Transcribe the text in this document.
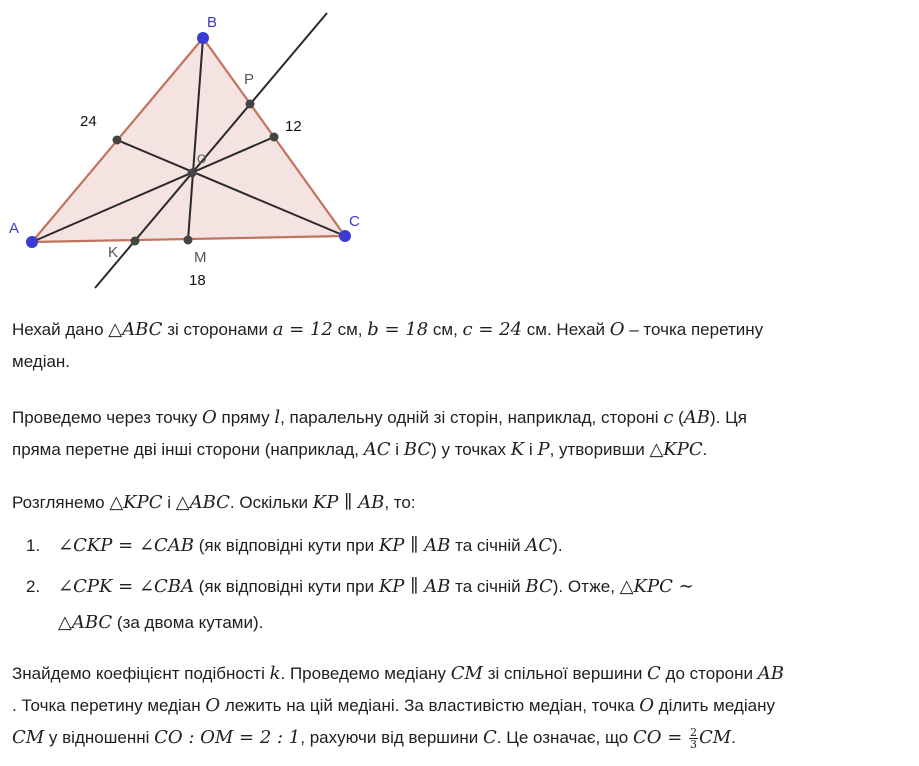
B
A	C
P
K	M
O
24	12
18

Нехай дано △ABC зі сторонами a = 12 см, b = 18 см, c = 24 см. Нехай O – точка перетину
медіан.

Проведемо через точку O пряму l, паралельну одній зі сторін, наприклад, стороні c (AB). Ця
пряма перетне дві інші сторони (наприклад, AC і BC) у точках K і P, утворивши △KPC.

Розглянемо △KPC і △ABC. Оскільки KP ∥ AB, то:

1. ∠CKP = ∠CAB (як відповідні кути при KP ∥ AB та січній AC).
2. ∠CPK = ∠CBA (як відповідні кути при KP ∥ AB та січній BC). Отже, △KPC ∼
△ABC (за двома кутами).

Знайдемо коефіцієнт подібності k. Проведемо медіану CM зі спільної вершини C до сторони AB
. Точка перетину медіан O лежить на цій медіані. За властивістю медіан, точка O ділить медіану
CM у відношенні CO : OM = 2 : 1, рахуючи від вершини C. Це означає, що CO = $\frac{2}{3}$ CM.
